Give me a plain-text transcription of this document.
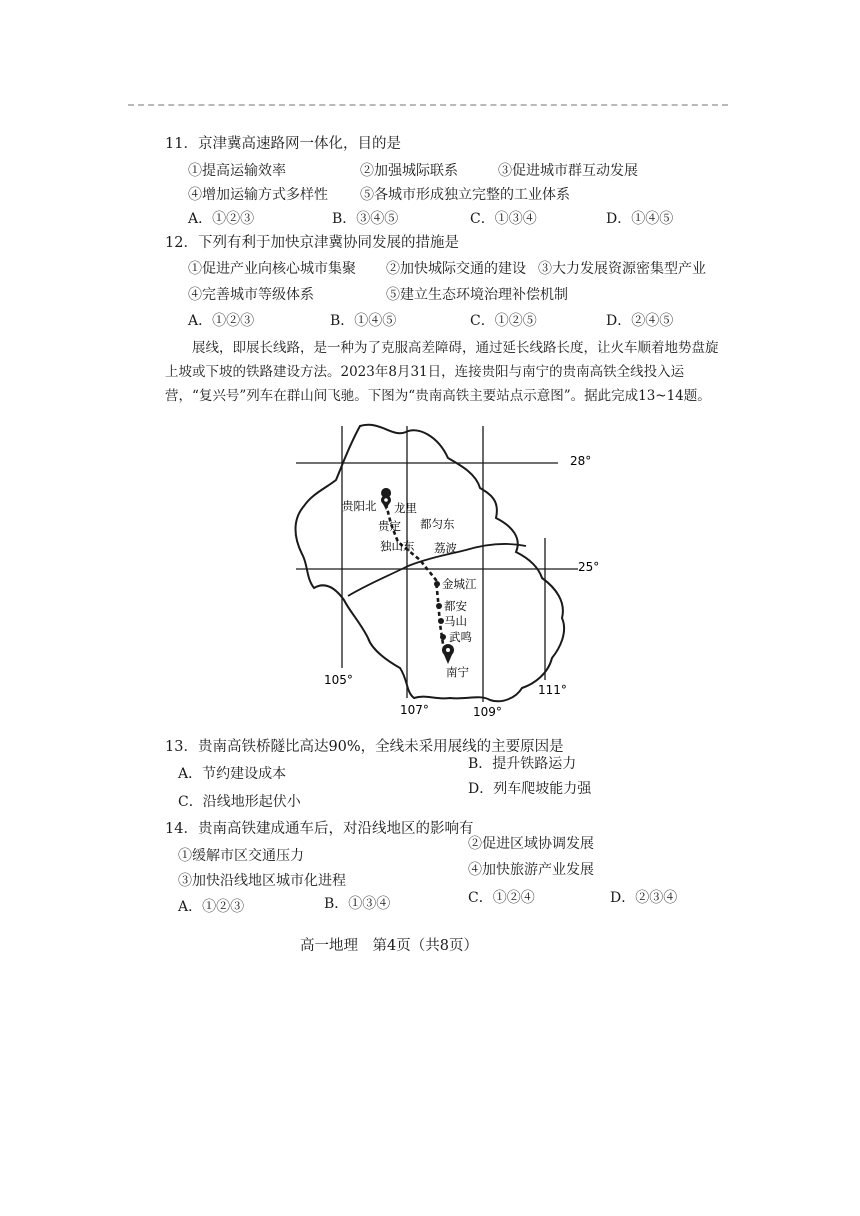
11．京津冀高速路网一体化，目的是
①提高运输效率	②加强城际联系	③促进城市群互动发展
④增加运输方式多样性 ⑤各城市形成独立完整的工业体系
A．①②③	B．③④⑤	C．①③④	D．①④⑤
12．下列有利于加快京津冀协同发展的措施是
①促进产业向核心城市集聚 ②加快城际交通的建设 ③大力发展资源密集型产业
④完善城市等级体系	⑤建立生态环境治理补偿机制
A．①②③	B．①④⑤	C．①②⑤	D．②④⑤

展线，即展长线路，是一种为了克服高差障碍，通过延长线路长度，让火车顺着地势盘旋上坡或下坡的铁路建设方法。2023年8月31日，连接贵阳与南宁的贵南高铁全线投入运营，“复兴号”列车在群山间飞驰。下图为“贵南高铁主要站点示意图”。据此完成13~14题。

28°
25°
105°
107°	109°
111°
贵阳北 龙里
贵定 都匀东
独山东 荔波
金城江
都安
马山
武鸣
南宁
13．贵南高铁桥隧比高达90%，全线未采用展线的主要原因是
A．节约建设成本
B．提升铁路运力
C．沿线地形起伏小
D．列车爬坡能力强
14．贵南高铁建成通车后，对沿线地区的影响有
①缓解市区交通压力
②促进区域协调发展
③加快沿线地区城市化进程
④加快旅游产业发展
A．①②③	B．①③④	C．①②④	D．②③④
高一地理　第4页（共8页）
